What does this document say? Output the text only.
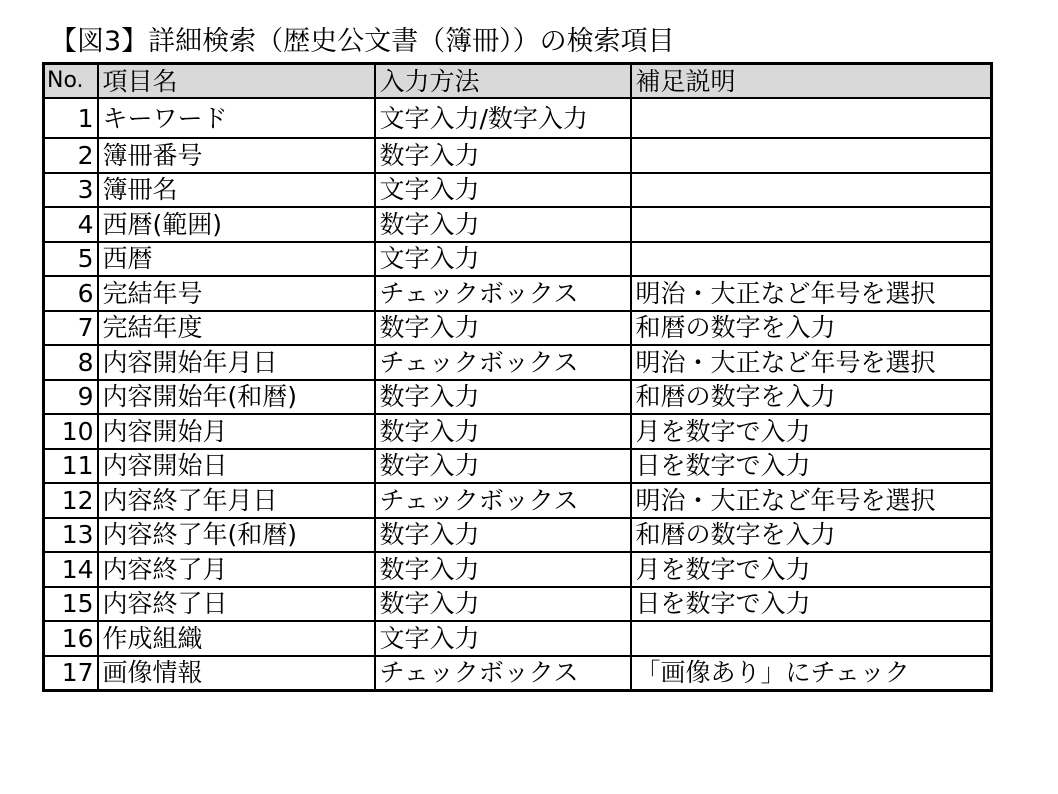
【図3】詳細検索（歴史公文書（簿冊））の検索項目
No.	項目名	入力方法	補足説明
1	キーワード	文字入力/数字入力	
2	簿冊番号	数字入力	
3	簿冊名	文字入力	
4	西暦(範囲)	数字入力	
5	西暦	文字入力	
6	完結年号	チェックボックス	明治・大正など年号を選択
7	完結年度	数字入力	和暦の数字を入力
8	内容開始年月日	チェックボックス	明治・大正など年号を選択
9	内容開始年(和暦)	数字入力	和暦の数字を入力
10	内容開始月	数字入力	月を数字で入力
11	内容開始日	数字入力	日を数字で入力
12	内容終了年月日	チェックボックス	明治・大正など年号を選択
13	内容終了年(和暦)	数字入力	和暦の数字を入力
14	内容終了月	数字入力	月を数字で入力
15	内容終了日	数字入力	日を数字で入力
16	作成組織	文字入力	
17	画像情報	チェックボックス	「画像あり」にチェック
